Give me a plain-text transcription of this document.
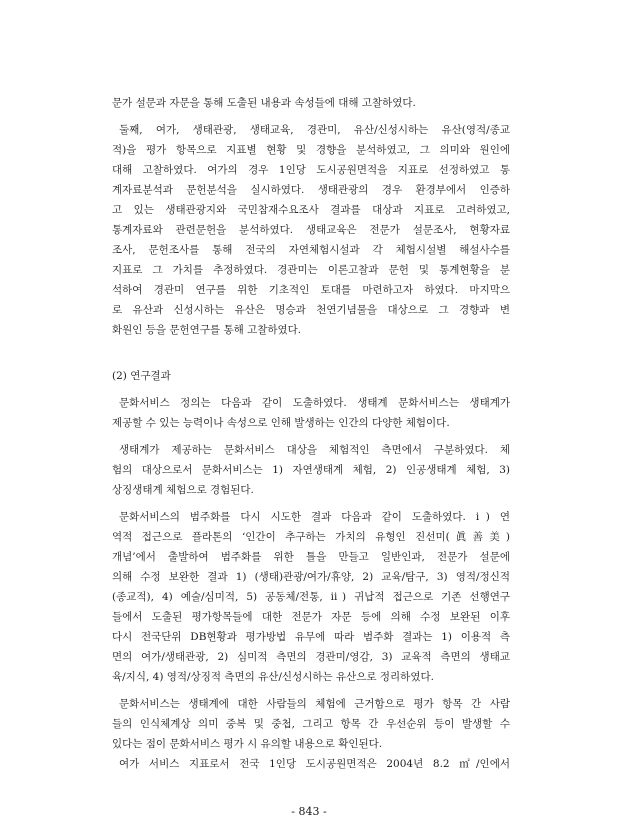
문가 설문과 자문을 통해 도출된 내용과 속성들에 대해 고찰하였다.
둘째, 여가, 생태관광, 생태교육, 경관미, 유산/신성시하는 유산(영적/종교
적)을 평가 항목으로 지표별 현황 및 경향을 분석하였고, 그 의미와 원인에
대해 고찰하였다. 여가의 경우 1인당 도시공원면적을 지표로 선정하였고 통
계자료분석과 문헌분석을 실시하였다. 생태관광의 경우 환경부에서 인증하
고 있는 생태관광지와 국민참재수요조사 결과를 대상과 지표로 고려하였고,
통계자료와 관련문헌을 분석하였다. 생태교육은 전문가 설문조사, 현황자료
조사, 문헌조사를 통해 전국의 자연체험시설과 각 체험시설별 해설사수를
지표로 그 가치를 추정하였다. 경관미는 이론고찰과 문헌 및 통계현황을 분
석하여 경관미 연구를 위한 기초적인 토대를 마련하고자 하였다. 마지막으
로 유산과 신성시하는 유산은 명승과 천연기념물을 대상으로 그 경향과 변
화원인 등을 문헌연구를 통해 고찰하였다.
(2) 연구결과
문화서비스 정의는 다음과 같이 도출하였다. 생태계 문화서비스는 생태계가
제공할 수 있는 능력이나 속성으로 인해 발생하는 인간의 다양한 체험이다.
생태계가 제공하는 문화서비스 대상을 체험적인 측면에서 구분하였다. 체
험의 대상으로서 문화서비스는 1) 자연생태계 체험, 2) 인공생태계 체험, 3)
상징생태계 체험으로 경험된다.
문화서비스의 범주화를 다시 시도한 결과 다음과 같이 도출하였다. ⅰ) 연
역적 접근으로 플라톤의 ‘인간이 추구하는 가치의 유형인 진선미(眞善美)
개념’에서 출발하여 범주화를 위한 틀을 만들고 일반인과, 전문가 설문에
의해 수정 보완한 결과 1) (생태)관광/여가/휴양, 2) 교육/탐구, 3) 영적/정신적
(종교적), 4) 예술/심미적, 5) 공동체/전통, ⅱ) 귀납적 접근으로 기존 선행연구
들에서 도출된 평가항목들에 대한 전문가 자문 등에 의해 수정 보완된 이후
다시 전국단위 DB현황과 평가방법 유무에 따라 범주화 결과는 1) 이용적 측
면의 여가/생태관광, 2) 심미적 측면의 경관미/영감, 3) 교육적 측면의 생태교
육/지식, 4) 영적/상징적 측면의 유산/신성시하는 유산으로 정리하였다.
문화서비스는 생태계에 대한 사람들의 체험에 근거함으로 평가 항목 간 사람
들의 인식체계상 의미 중복 및 중첩, 그리고 항목 간 우선순위 등이 발생할 수
있다는 점이 문화서비스 평가 시 유의할 내용으로 확인된다.
여가 서비스 지표로서 전국 1인당 도시공원면적은 2004년 8.2 ㎡/인에서
- 843 -
